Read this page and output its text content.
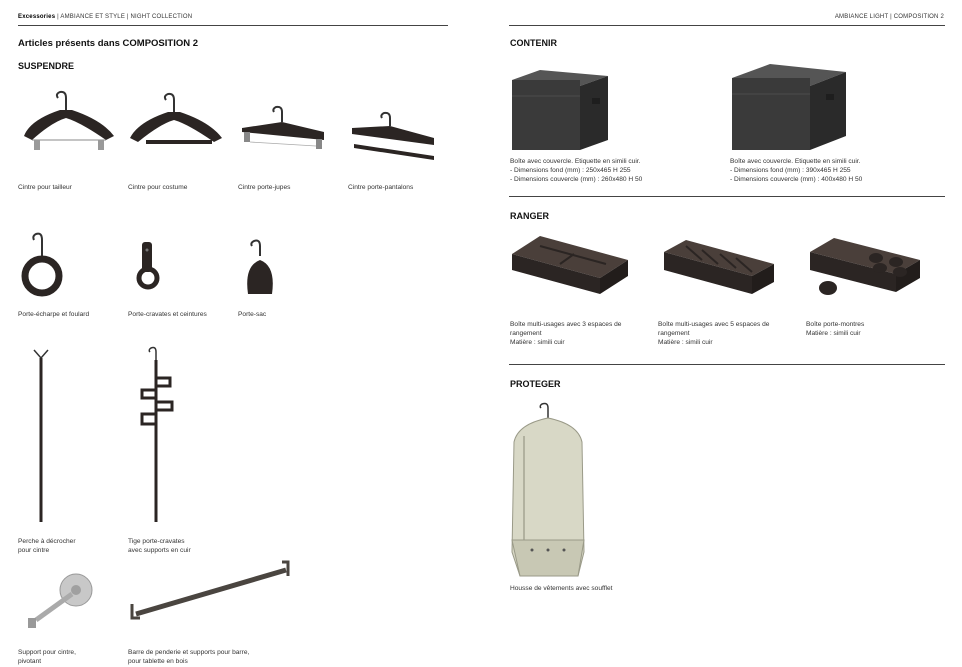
Excessories | AMBIANCE ET STYLE | NIGHT COLLECTION
Articles présents dans COMPOSITION 2
SUSPENDRE
Cintre pour tailleur	Cintre pour costume	Cintre porte-jupes	Cintre porte-pantalons
Porte-écharpe et foulard	Porte-cravates et ceintures	Porte-sac
Perche à décrocher
pour cintre
Tige porte-cravates
avec supports en cuir
Support pour cintre,
pivotant
Barre de penderie et supports pour barre,
pour tablette en bois
AMBIANCE LIGHT | COMPOSITION 2
CONTENIR
Boîte avec couvercle. Etiquette en simili cuir.
- Dimensions fond (mm) : 250x465 H 255
- Dimensions couvercle (mm) : 260x480 H 50
Boîte avec couvercle. Etiquette en simili cuir.
- Dimensions fond (mm) : 390x465 H 255
- Dimensions couvercle (mm) : 400x480 H 50
RANGER
Boîte multi-usages avec 3 espaces de
rangement
Matière : simili cuir
Boîte multi-usages avec 5 espaces de
rangement
Matière : simili cuir
Boîte porte-montres
Matière : simili cuir
PROTEGER
Housse de vêtements avec soufflet
